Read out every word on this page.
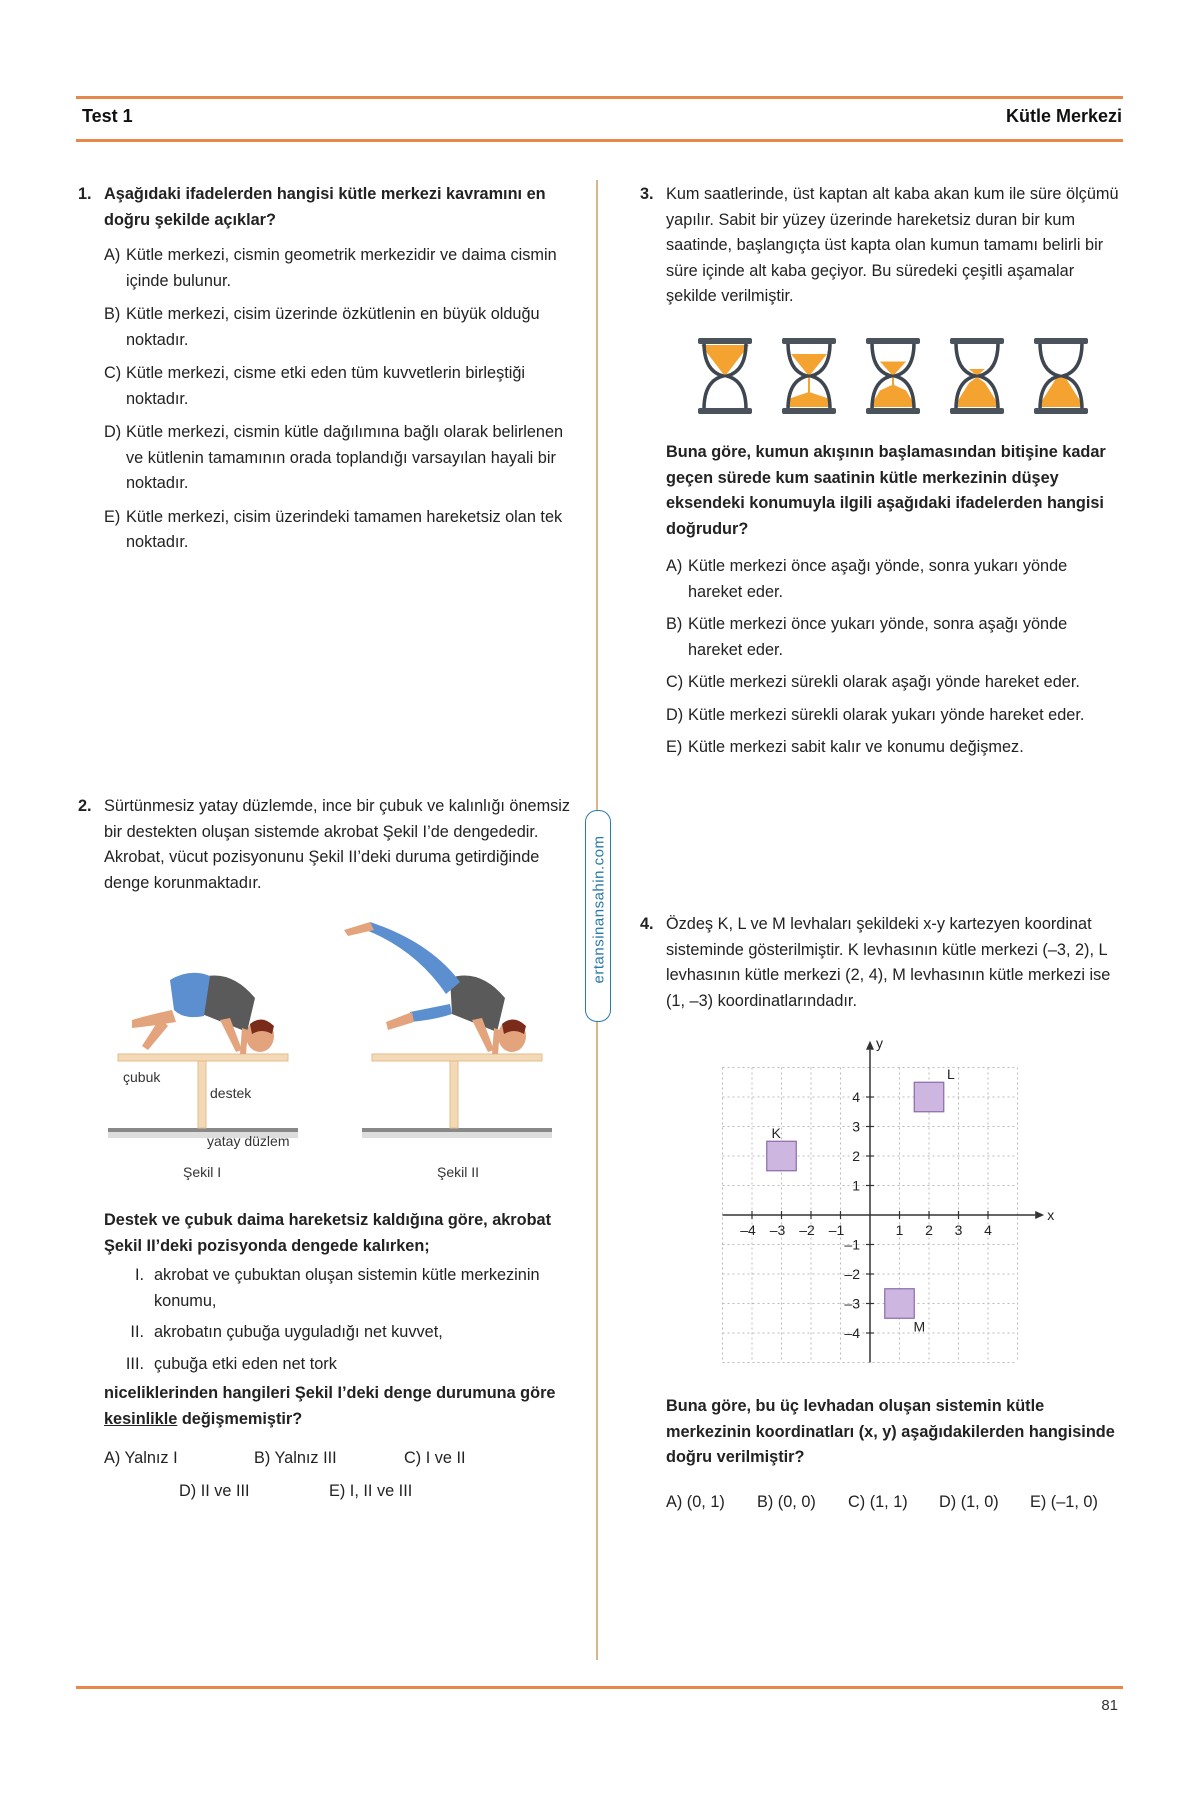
Test 1	Kütle Merkezi
ertansinansahin.com
1. Aşağıdaki ifadelerden hangisi kütle merkezi kavramını en doğru şekilde açıklar?

A) Kütle merkezi, cismin geometrik merkezidir ve daima cismin içinde bulunur.

B) Kütle merkezi, cisim üzerinde özkütlenin en büyük olduğu noktadır.

C) Kütle merkezi, cisme etki eden tüm kuvvetlerin birleştiği noktadır.

D) Kütle merkezi, cismin kütle dağılımına bağlı olarak belirlenen ve kütlenin tamamının orada toplandığı varsayılan hayali bir noktadır.

E) Kütle merkezi, cisim üzerindeki tamamen hareketsiz olan tek noktadır.

2. Sürtünmesiz yatay düzlemde, ince bir çubuk ve kalınlığı önemsiz bir destekten oluşan sistemde akrobat Şekil I’de dengededir. Akrobat, vücut pozisyonunu Şekil II’deki duruma getirdiğinde denge korunmaktadır.

çubuk
destek
yatay düzlem
Şekil I	Şekil II

Destek ve çubuk daima hareketsiz kaldığına göre, akrobat Şekil II’deki pozisyonda dengede kalırken;

I. akrobat ve çubuktan oluşan sistemin kütle merkezinin konumu,

II. akrobatın çubuğa uyguladığı net kuvvet,

III. çubuğa etki eden net tork

niceliklerinden hangileri Şekil I’deki denge durumuna göre kesinlikle değişmemiştir?

A) Yalnız I	B) Yalnız III	C) I ve II
D) II ve III	E) I, II ve III
3. Kum saatlerinde, üst kaptan alt kaba akan kum ile süre ölçümü yapılır. Sabit bir yüzey üzerinde hareketsiz duran bir kum saatinde, başlangıçta üst kapta olan kumun tamamı belirli bir süre içinde alt kaba geçiyor. Bu süredeki çeşitli aşamalar şekilde verilmiştir.

Buna göre, kumun akışının başlamasından bitişine kadar geçen sürede kum saatinin kütle merkezinin düşey eksendeki konumuyla ilgili aşağıdaki ifadelerden hangisi doğrudur?

A) Kütle merkezi önce aşağı yönde, sonra yukarı yönde hareket eder.

B) Kütle merkezi önce yukarı yönde, sonra aşağı yönde hareket eder.

C) Kütle merkezi sürekli olarak aşağı yönde hareket eder.

D) Kütle merkezi sürekli olarak yukarı yönde hareket eder.

E) Kütle merkezi sabit kalır ve konumu değişmez.

4. Özdeş K, L ve M levhaları şekildeki x-y kartezyen koordinat sisteminde gösterilmiştir. K levhasının kütle merkezi (–3, 2), L levhasının kütle merkezi (2, 4), M levhasının kütle merkezi ise (1, –3) koordinatlarındadır.

x
y
–4 –3 –2 –1	1 2 3 4
4
3
2
1
–1
–2
–3
–4
K
L
M

Buna göre, bu üç levhadan oluşan sistemin kütle merkezinin koordinatları (x, y) aşağıdakilerden hangisinde doğru verilmiştir?

A) (0, 1) B) (0, 0) C) (1, 1) D) (1, 0) E) (–1, 0)
81
